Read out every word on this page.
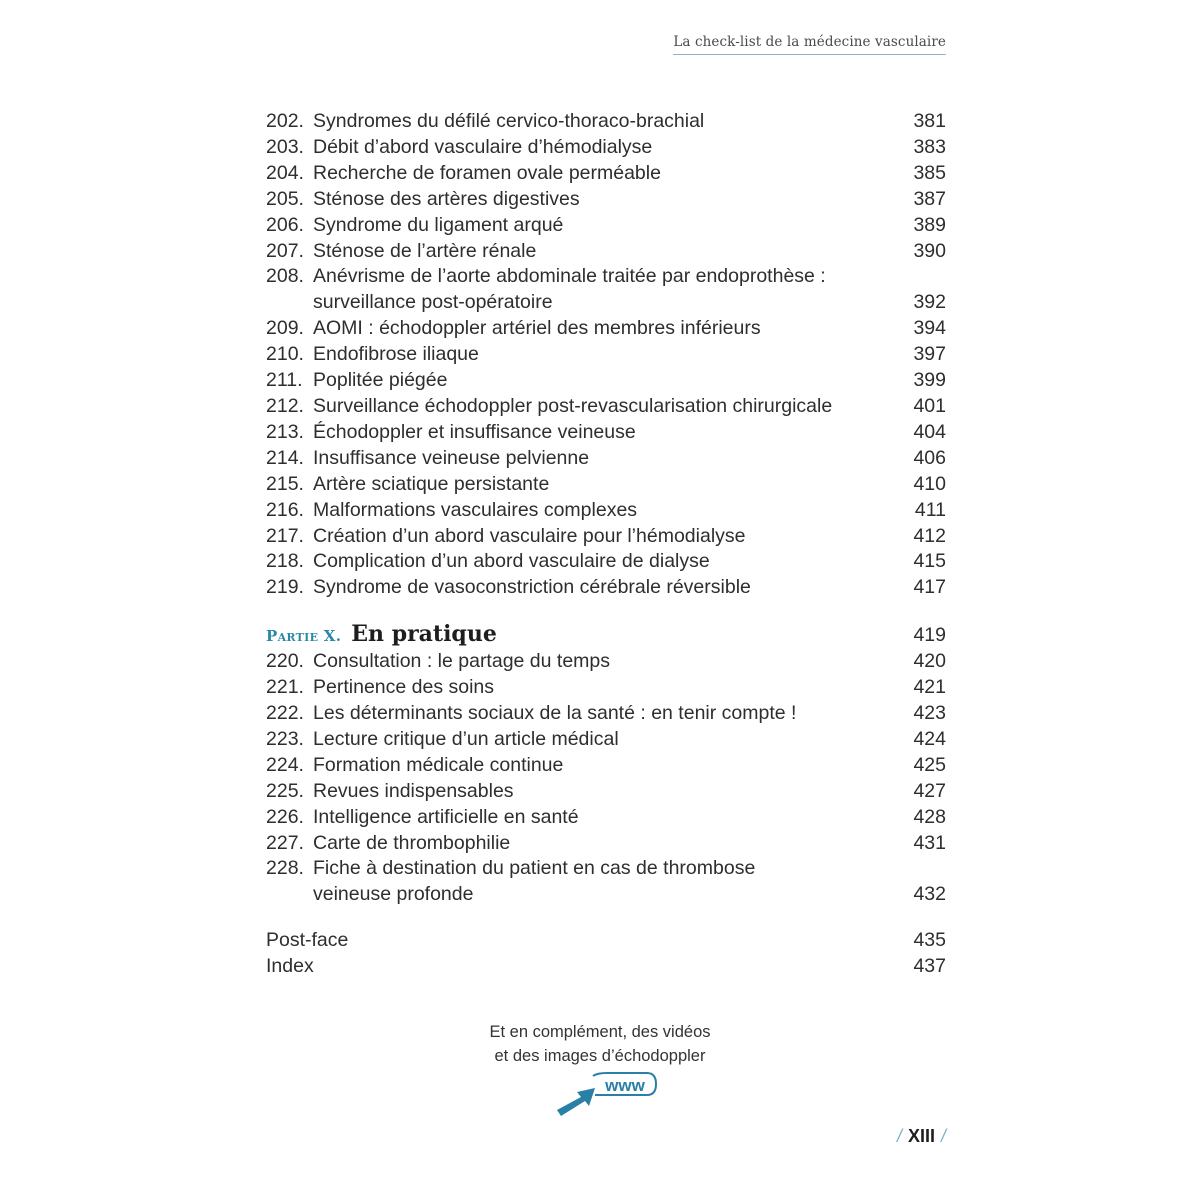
La check-list de la médecine vasculaire
202. Syndromes du défilé cervico-thoraco-brachial	381
203. Débit d’abord vasculaire d’hémodialyse	383
204. Recherche de foramen ovale perméable	385
205. Sténose des artères digestives	387
206. Syndrome du ligament arqué	389
207. Sténose de l’artère rénale	390
208. Anévrisme de l’aorte abdominale traitée par endoprothèse :
surveillance post-opératoire	392
209. AOMI : échodoppler artériel des membres inférieurs	394
210. Endofibrose iliaque	397
211. Poplitée piégée	399
212. Surveillance échodoppler post-revascularisation chirurgicale	401
213. Échodoppler et insuffisance veineuse	404
214. Insuffisance veineuse pelvienne	406
215. Artère sciatique persistante	410
216. Malformations vasculaires complexes	411
217. Création d’un abord vasculaire pour l’hémodialyse	412
218. Complication d’un abord vasculaire de dialyse	415
219. Syndrome de vasoconstriction cérébrale réversible	417
Partie X. En pratique	419
220. Consultation : le partage du temps	420
221. Pertinence des soins	421
222. Les déterminants sociaux de la santé : en tenir compte !	423
223. Lecture critique d’un article médical	424
224. Formation médicale continue	425
225. Revues indispensables	427
226. Intelligence artificielle en santé	428
227. Carte de thrombophilie	431
228. Fiche à destination du patient en cas de thrombose
veineuse profonde	432
Post-face	435
Index	437
Et en complément, des vidéos
et des images d’échodoppler
www
/ XIII /
